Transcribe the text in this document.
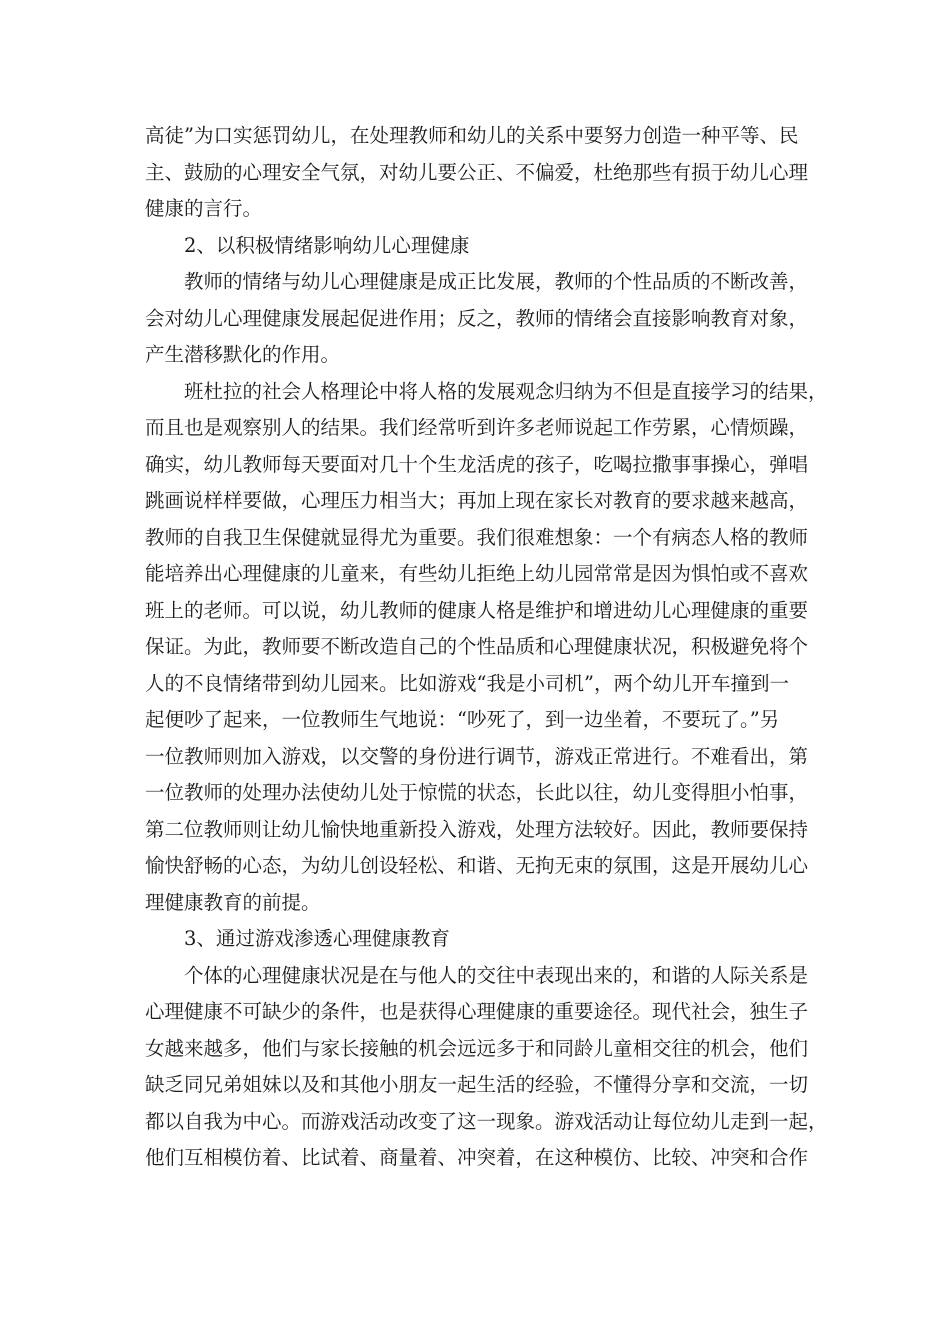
高徒”为口实惩罚幼儿，在处理教师和幼儿的关系中要努力创造一种平等、民
主、鼓励的心理安全气氛，对幼儿要公正、不偏爱，杜绝那些有损于幼儿心理
健康的言行。
2、以积极情绪影响幼儿心理健康
教师的情绪与幼儿心理健康是成正比发展，教师的个性品质的不断改善，
会对幼儿心理健康发展起促进作用；反之，教师的情绪会直接影响教育对象，
产生潜移默化的作用。
班杜拉的社会人格理论中将人格的发展观念归纳为不但是直接学习的结果，
而且也是观察别人的结果。我们经常听到许多老师说起工作劳累，心情烦躁，
确实，幼儿教师每天要面对几十个生龙活虎的孩子，吃喝拉撒事事操心，弹唱
跳画说样样要做，心理压力相当大；再加上现在家长对教育的要求越来越高，
教师的自我卫生保健就显得尤为重要。我们很难想象：一个有病态人格的教师
能培养出心理健康的儿童来，有些幼儿拒绝上幼儿园常常是因为惧怕或不喜欢
班上的老师。可以说，幼儿教师的健康人格是维护和增进幼儿心理健康的重要
保证。为此，教师要不断改造自己的个性品质和心理健康状况，积极避免将个
人的不良情绪带到幼儿园来。比如游戏“我是小司机”，两个幼儿开车撞到一
起便吵了起来，一位教师生气地说：“吵死了，到一边坐着，不要玩了。”另
一位教师则加入游戏，以交警的身份进行调节，游戏正常进行。不难看出，第
一位教师的处理办法使幼儿处于惊慌的状态，长此以往，幼儿变得胆小怕事，
第二位教师则让幼儿愉快地重新投入游戏，处理方法较好。因此，教师要保持
愉快舒畅的心态，为幼儿创设轻松、和谐、无拘无束的氛围，这是开展幼儿心
理健康教育的前提。
3、通过游戏渗透心理健康教育
个体的心理健康状况是在与他人的交往中表现出来的，和谐的人际关系是
心理健康不可缺少的条件，也是获得心理健康的重要途径。现代社会，独生子
女越来越多，他们与家长接触的机会远远多于和同龄儿童相交往的机会，他们
缺乏同兄弟姐妹以及和其他小朋友一起生活的经验，不懂得分享和交流，一切
都以自我为中心。而游戏活动改变了这一现象。游戏活动让每位幼儿走到一起，
他们互相模仿着、比试着、商量着、冲突着，在这种模仿、比较、冲突和合作
